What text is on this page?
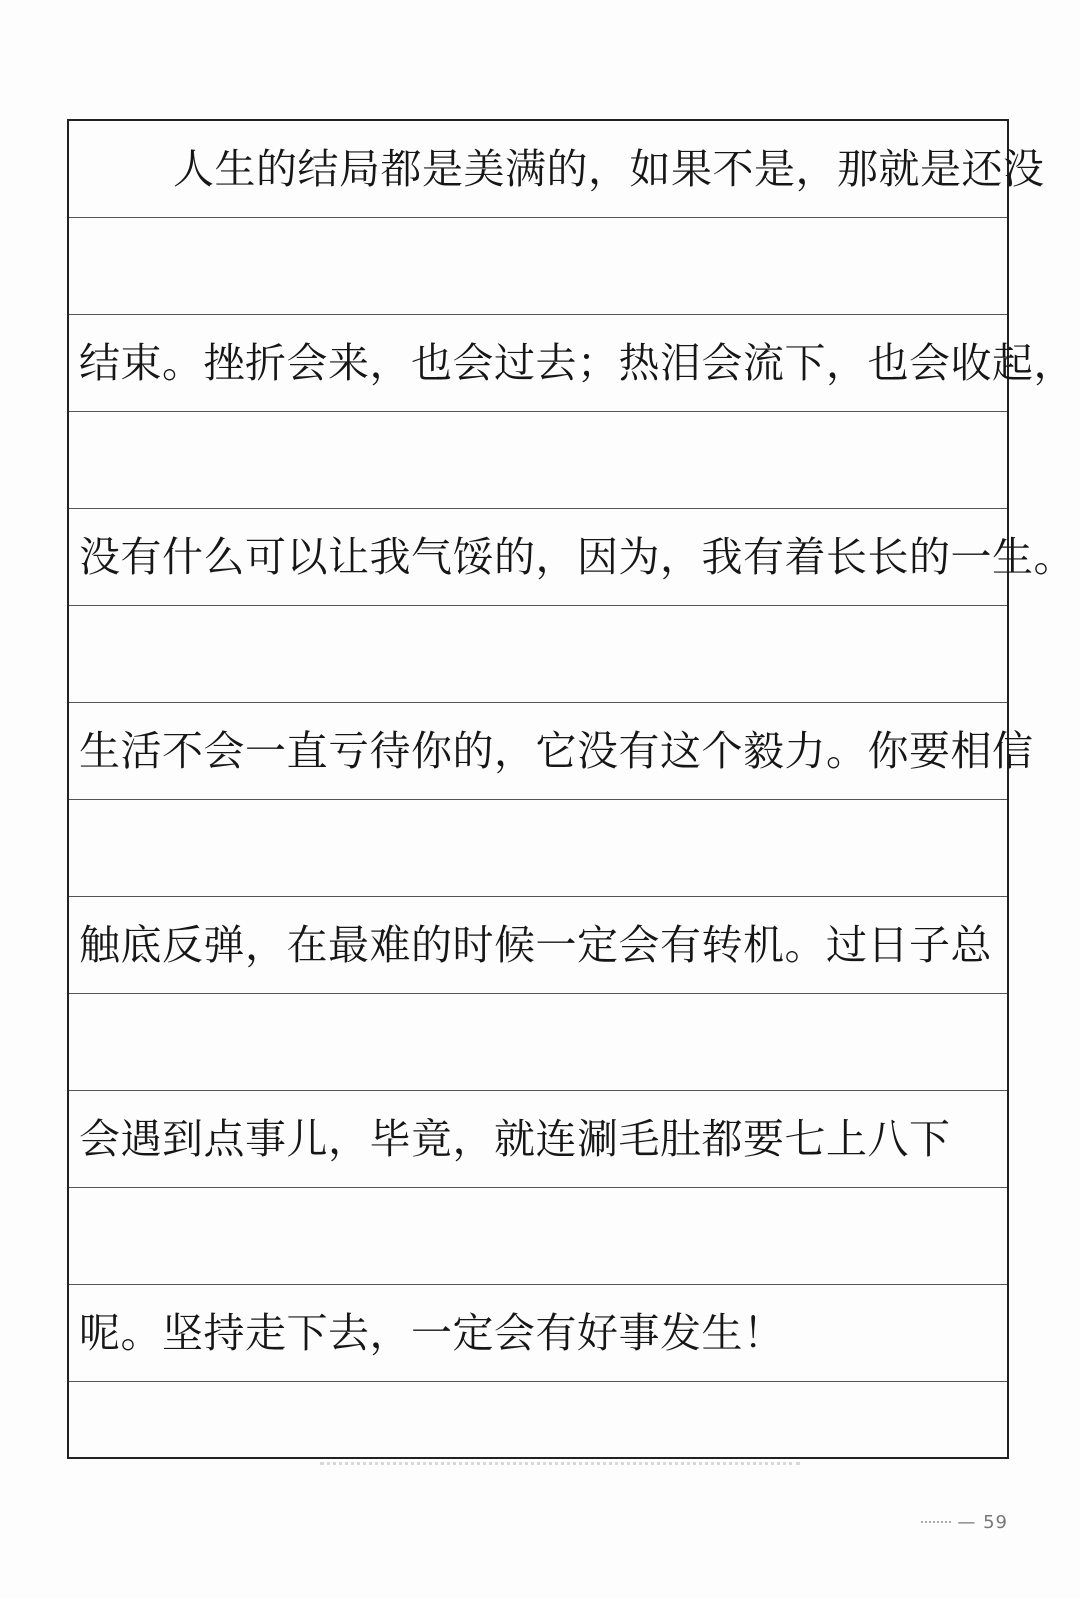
人生的结局都是美满的，如果不是，那就是还没
结束。挫折会来，也会过去；热泪会流下，也会收起，
没有什么可以让我气馁的，因为，我有着长长的一生。
生活不会一直亏待你的，它没有这个毅力。你要相信
触底反弹，在最难的时候一定会有转机。过日子总
会遇到点事儿，毕竟，就连涮毛肚都要七上八下
呢。坚持走下去，一定会有好事发生！
— 59
